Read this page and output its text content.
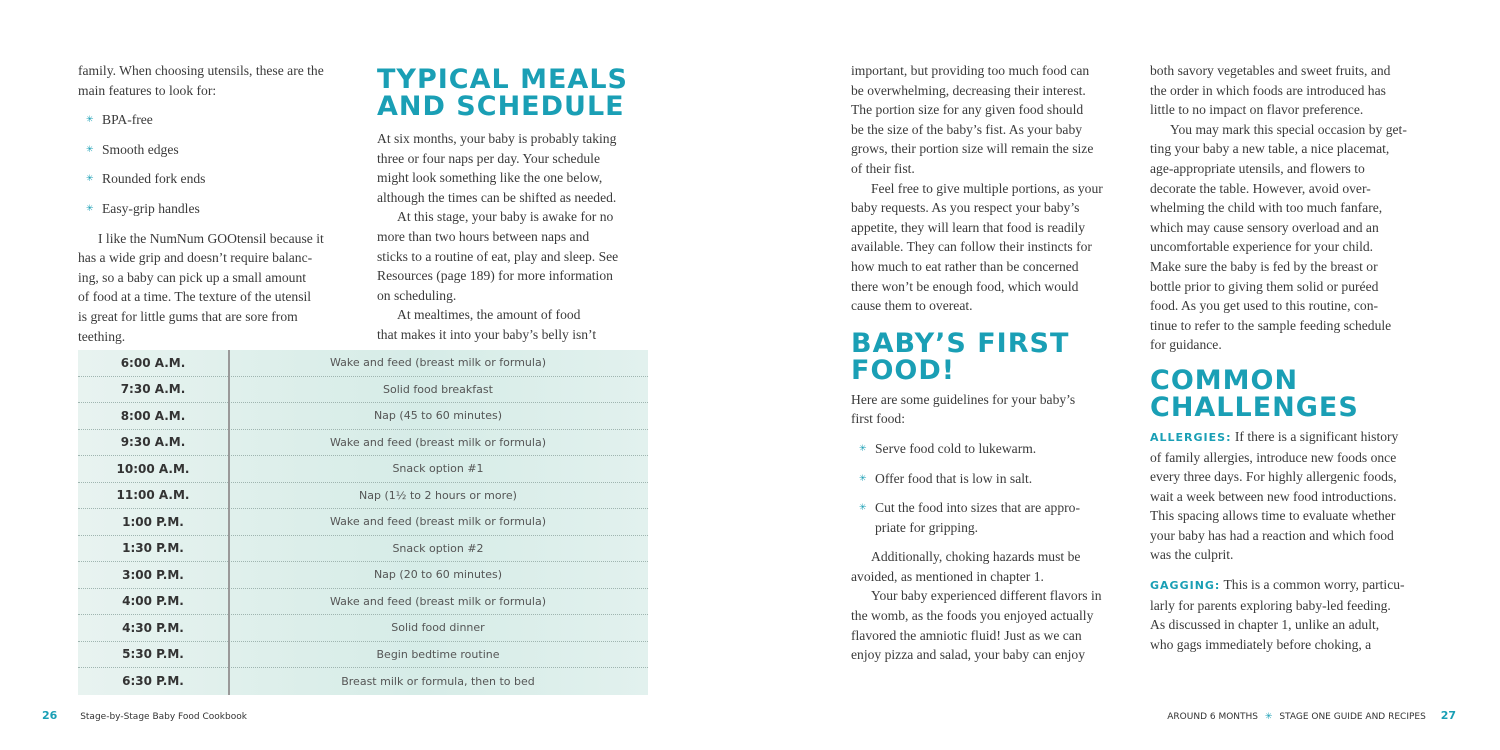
family. When choosing utensils, these are the
main features to look for:
✳ BPA-free
✳ Smooth edges
✳ Rounded fork ends
✳ Easy-grip handles
I like the NumNum GOOtensil because it
has a wide grip and doesn’t require balanc-
ing, so a baby can pick up a small amount
of food at a time. The texture of the utensil
is great for little gums that are sore from
teething.
TYPICAL MEALS
AND SCHEDULE
At six months, your baby is probably taking
three or four naps per day. Your schedule
might look something like the one below,
although the times can be shifted as needed.
At this stage, your baby is awake for no
more than two hours between naps and
sticks to a routine of eat, play and sleep. See
Resources (page 189) for more information
on scheduling.
At mealtimes, the amount of food
that makes it into your baby’s belly isn’t
6:00 A.M.	Wake and feed (breast milk or formula)
7:30 A.M.	Solid food breakfast
8:00 A.M.	Nap (45 to 60 minutes)
9:30 A.M.	Wake and feed (breast milk or formula)
10:00 A.M.	Snack option #1
11:00 A.M.	Nap (1½ to 2 hours or more)
1:00 P.M.	Wake and feed (breast milk or formula)
1:30 P.M.	Snack option #2
3:00 P.M.	Nap (20 to 60 minutes)
4:00 P.M.	Wake and feed (breast milk or formula)
4:30 P.M.	Solid food dinner
5:30 P.M.	Begin bedtime routine
6:30 P.M.	Breast milk or formula, then to bed
26	Stage-by-Stage Baby Food Cookbook
important, but providing too much food can
be overwhelming, decreasing their interest.
The portion size for any given food should
be the size of the baby’s fist. As your baby
grows, their portion size will remain the size
of their fist.
Feel free to give multiple portions, as your
baby requests. As you respect your baby’s
appetite, they will learn that food is readily
available. They can follow their instincts for
how much to eat rather than be concerned
there won’t be enough food, which would
cause them to overeat.
BABY’S FIRST
FOOD!
Here are some guidelines for your baby’s
first food:
✳ Serve food cold to lukewarm.
✳ Offer food that is low in salt.
✳ Cut the food into sizes that are appro-
priate for gripping.
Additionally, choking hazards must be
avoided, as mentioned in chapter 1.
Your baby experienced different flavors in
the womb, as the foods you enjoyed actually
flavored the amniotic fluid! Just as we can
enjoy pizza and salad, your baby can enjoy
both savory vegetables and sweet fruits, and
the order in which foods are introduced has
little to no impact on flavor preference.
You may mark this special occasion by get-
ting your baby a new table, a nice placemat,
age-appropriate utensils, and flowers to
decorate the table. However, avoid over-
whelming the child with too much fanfare,
which may cause sensory overload and an
uncomfortable experience for your child.
Make sure the baby is fed by the breast or
bottle prior to giving them solid or puréed
food. As you get used to this routine, con-
tinue to refer to the sample feeding schedule
for guidance.
COMMON
CHALLENGES
ALLERGIES: If there is a significant history
of family allergies, introduce new foods once
every three days. For highly allergenic foods,
wait a week between new food introductions.
This spacing allows time to evaluate whether
your baby has had a reaction and which food
was the culprit.
GAGGING: This is a common worry, particu-
larly for parents exploring baby-led feeding.
As discussed in chapter 1, unlike an adult,
who gags immediately before choking, a
AROUND 6 MONTHS ✳ STAGE ONE GUIDE AND RECIPES 27
